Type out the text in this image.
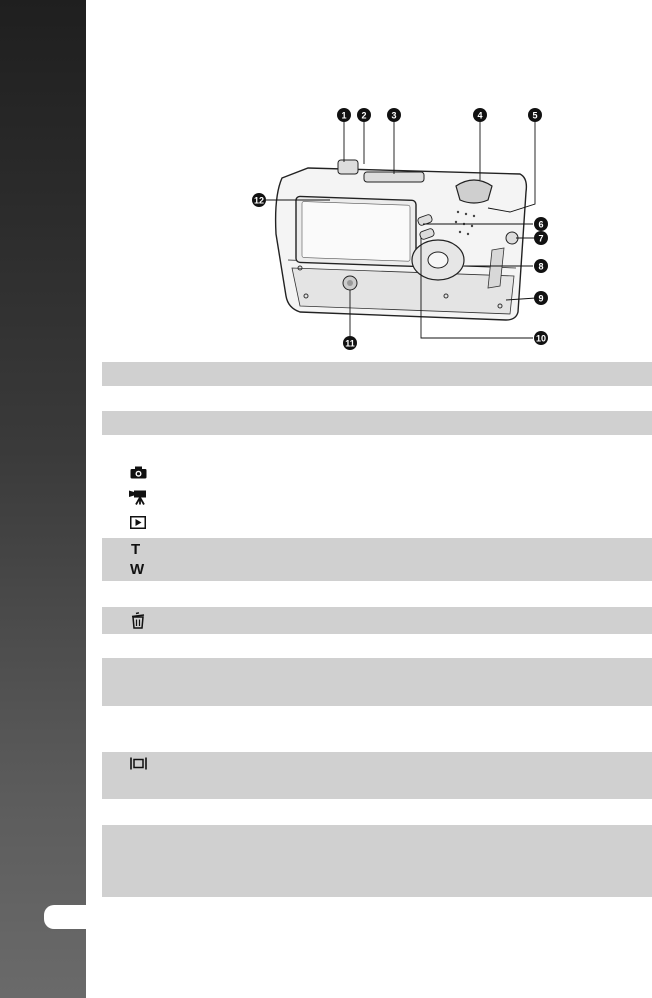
1 2	3	4	5
6
7
8
9
10
11
12
T
W
